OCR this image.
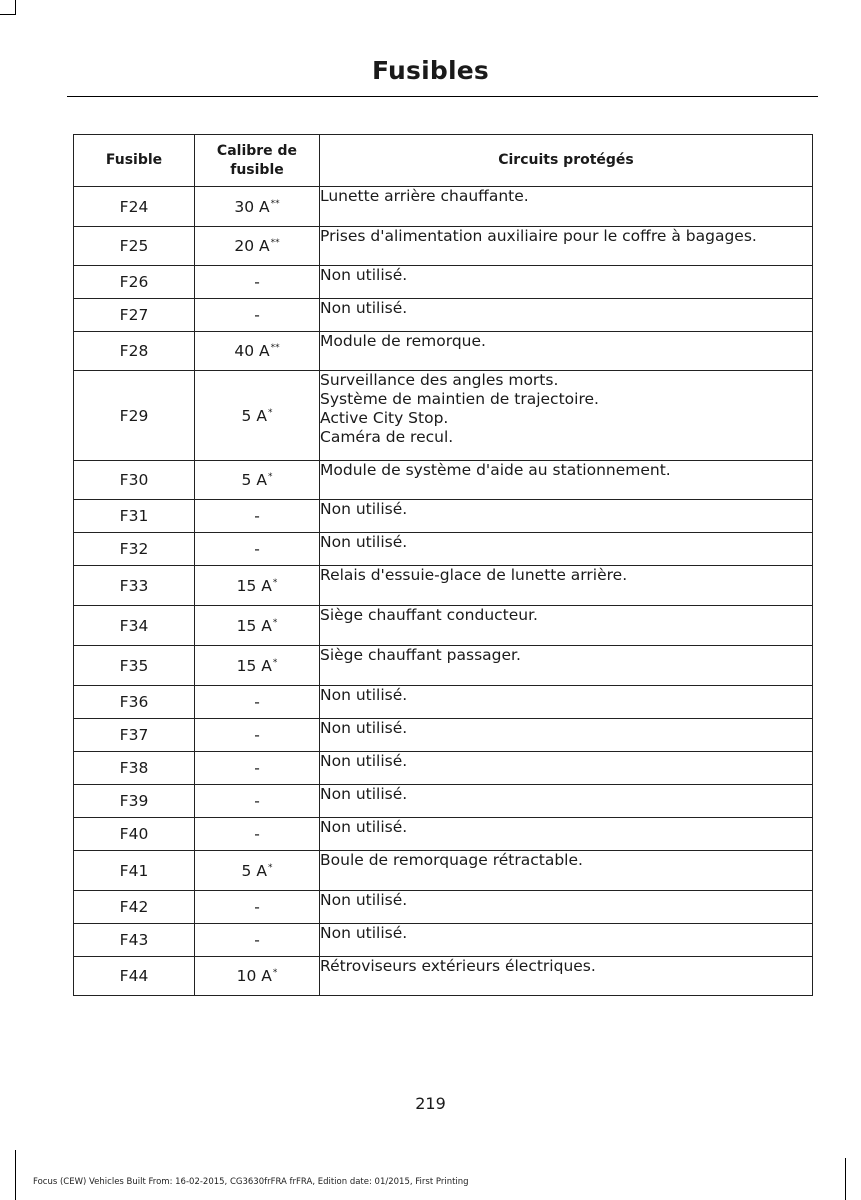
Fusibles
Fusible	Calibre de fusible	Circuits protégés
F24	30 A**	Lunette arrière chauffante.

F25	20 A**	Prises d'alimentation auxiliaire pour le coffre à bagages.

F26	-	Non utilisé.

F27	-	Non utilisé.

F28	40 A**	Module de remorque.

F29	5 A*	Surveillance des angles morts.
Système de maintien de trajectoire.
Active City Stop.
Caméra de recul.

F30	5 A*	Module de système d'aide au stationnement.

F31	-	Non utilisé.

F32	-	Non utilisé.

F33	15 A*	Relais d'essuie-glace de lunette arrière.

F34	15 A*	Siège chauffant conducteur.

F35	15 A*	Siège chauffant passager.

F36	-	Non utilisé.

F37	-	Non utilisé.

F38	-	Non utilisé.

F39	-	Non utilisé.

F40	-	Non utilisé.

F41	5 A*	Boule de remorquage rétractable.

F42	-	Non utilisé.

F43	-	Non utilisé.

F44	10 A*	Rétroviseurs extérieurs électriques.
219
Focus (CEW) Vehicles Built From: 16-02-2015, CG3630frFRA frFRA, Edition date: 01/2015, First Printing
